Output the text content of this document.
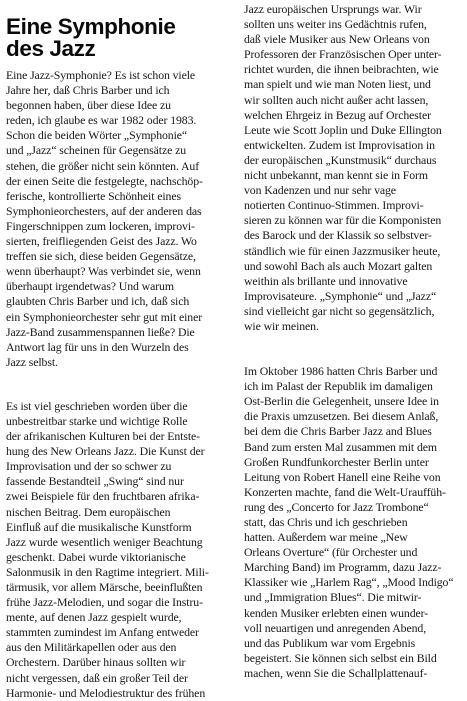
Eine Symphonie
des Jazz
Eine Jazz-Symphonie? Es ist schon viele
Jahre her, daß Chris Barber und ich
begonnen haben, über diese Idee zu
reden, ich glaube es war 1982 oder 1983.
Schon die beiden Wörter „Symphonie“
und „Jazz“ scheinen für Gegensätze zu
stehen, die größer nicht sein könnten. Auf
der einen Seite die festgelegte, nachschöp-
ferische, kontrollierte Schönheit eines
Symphonieorchesters, auf der anderen das
Fingerschnippen zum lockeren, improvi-
sierten, freifliegenden Geist des Jazz. Wo
treffen sie sich, diese beiden Gegensätze,
wenn überhaupt? Was verbindet sie, wenn
überhaupt irgendetwas? Und warum
glaubten Chris Barber und ich, daß sich
ein Symphonieorchester sehr gut mit einer
Jazz-Band zusammenspannen ließe? Die
Antwort lag für uns in den Wurzeln des
Jazz selbst.
Es ist viel geschrieben worden über die
unbestreitbar starke und wichtige Rolle
der afrikanischen Kulturen bei der Entste-
hung des New Orleans Jazz. Die Kunst der
Improvisation und der so schwer zu
fassende Bestandteil „Swing“ sind nur
zwei Beispiele für den fruchtbaren afrika-
nischen Beitrag. Dem europäischen
Einfluß auf die musikalische Kunstform
Jazz wurde wesentlich weniger Beachtung
geschenkt. Dabei wurde viktorianische
Salonmusik in den Ragtime integriert. Mili-
tärmusik, vor allem Märsche, beeinflußten
frühe Jazz-Melodien, und sogar die Instru-
mente, auf denen Jazz gespielt wurde,
stammten zumindest im Anfang entweder
aus den Militärkapellen oder aus den
Orchestern. Darüber hinaus sollten wir
nicht vergessen, daß ein großer Teil der
Harmonie- und Melodiestruktur des frühen
Jazz europäischen Ursprungs war. Wir
sollten uns weiter ins Gedächtnis rufen,
daß viele Musiker aus New Orleans von
Professoren der Französischen Oper unter-
richtet wurden, die ihnen beibrachten, wie
man spielt und wie man Noten liest, und
wir sollten auch nicht außer acht lassen,
welchen Ehrgeiz in Bezug auf Orchester
Leute wie Scott Joplin und Duke Ellington
entwickelten. Zudem ist Improvisation in
der europäischen „Kunstmusik“ durchaus
nicht unbekannt, man kennt sie in Form
von Kadenzen und nur sehr vage
notierten Continuo-Stimmen. Improvi-
sieren zu können war für die Komponisten
des Barock und der Klassik so selbstver-
ständlich wie für einen Jazzmusiker heute,
und sowohl Bach als auch Mozart galten
weithin als brillante und innovative
Improvisateure. „Symphonie“ und „Jazz“
sind vielleicht gar nicht so gegensätzlich,
wie wir meinen.
Im Oktober 1986 hatten Chris Barber und
ich im Palast der Republik im damaligen
Ost-Berlin die Gelegenheit, unsere Idee in
die Praxis umzusetzen. Bei diesem Anlaß,
bei dem die Chris Barber Jazz and Blues
Band zum ersten Mal zusammen mit dem
Großen Rundfunkorchester Berlin unter
Leitung von Robert Hanell eine Reihe von
Konzerten machte, fand die Welt-Urauffüh-
rung des „Concerto for Jazz Trombone“
statt, das Chris und ich geschrieben
hatten. Außerdem war meine „New
Orleans Overture“ (für Orchester und
Marching Band) im Programm, dazu Jazz-
Klassiker wie „Harlem Rag“, „Mood Indigo“
und „Immigration Blues“. Die mitwir-
kenden Musiker erlebten einen wunder-
voll neuartigen und anregenden Abend,
und das Publikum war vom Ergebnis
begeistert. Sie können sich selbst ein Bild
machen, wenn Sie die Schallplattenauf-
